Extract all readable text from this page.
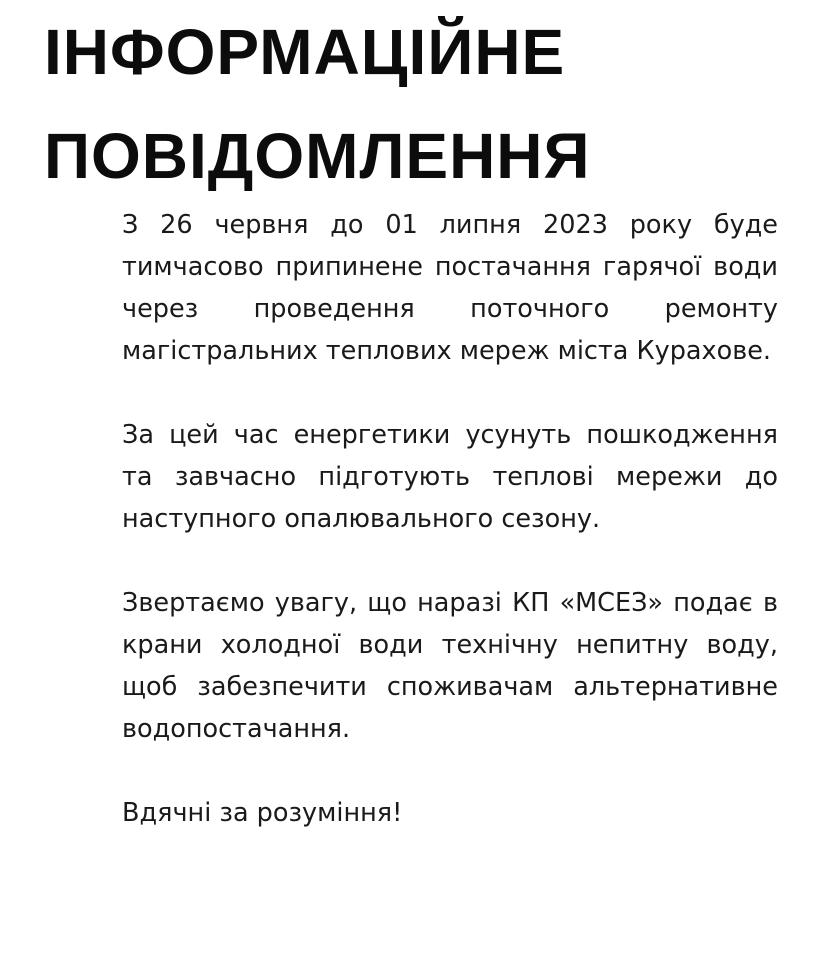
ІНФОРМАЦІЙНЕ
ПОВІДОМЛЕННЯ

З 26 червня до 01 липня 2023 року буде тимчасово припинене постачання гарячої води через проведення поточного ремонту магістральних теплових мереж міста Курахове.

За цей час енергетики усунуть пошкодження та завчасно підготують теплові мережи до наступного опалювального сезону.

Звертаємо увагу, що наразі КП «МСЕЗ» подає в крани холодної води технічну непитну воду, щоб забезпечити споживачам альтернативне водопостачання.

Вдячні за розуміння!
